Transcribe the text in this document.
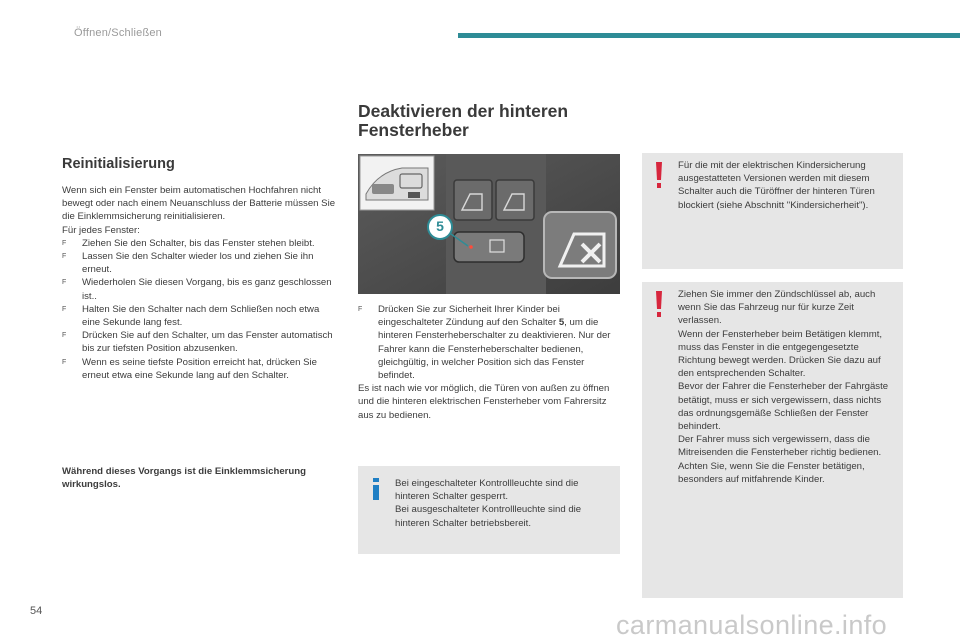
Öffnen/Schließen
Reinitialisierung

Wenn sich ein Fenster beim automatischen Hochfahren nicht bewegt oder nach einem Neuanschluss der Batterie müssen Sie die Einklemmsicherung reinitialisieren.

Für jedes Fenster:

F Ziehen Sie den Schalter, bis das Fenster stehen bleibt.
F Lassen Sie den Schalter wieder los und ziehen Sie ihn erneut.
F Wiederholen Sie diesen Vorgang, bis es ganz geschlossen ist..
F Halten Sie den Schalter nach dem Schließen noch etwa eine Sekunde lang fest.
F Drücken Sie auf den Schalter, um das Fenster automatisch bis zur tiefsten Position abzusenken.
F Wenn es seine tiefste Position erreicht hat, drücken Sie erneut etwa eine Sekunde lang auf den Schalter.
Während dieses Vorgangs ist die Einklemmsicherung wirkungslos.
Deaktivieren der hinteren
Fensterheber
5
F Drücken Sie zur Sicherheit Ihrer Kinder bei eingeschalteter Zündung auf den Schalter 5, um die hinteren Fensterheberschalter zu deaktivieren. Nur der Fahrer kann die Fensterheberschalter bedienen, gleichgültig, in welcher Position sich das Fenster befindet.

Es ist nach wie vor möglich, die Türen von außen zu öffnen und die hinteren elektrischen Fensterheber vom Fahrersitz aus zu bedienen.

Bei eingeschalteter Kontrollleuchte sind die hinteren Schalter gesperrt.

Bei ausgeschalteter Kontrollleuchte sind die hinteren Schalter betriebsbereit.

Für die mit der elektrischen Kindersicherung ausgestatteten Versionen werden mit diesem Schalter auch die Türöffner der hinteren Türen blockiert (siehe Abschnitt "Kindersicherheit").

Ziehen Sie immer den Zündschlüssel ab, auch wenn Sie das Fahrzeug nur für kurze Zeit verlassen.

Wenn der Fensterheber beim Betätigen klemmt, muss das Fenster in die entgegengesetzte Richtung bewegt werden. Drücken Sie dazu auf den entsprechenden Schalter.

Bevor der Fahrer die Fensterheber der Fahrgäste betätigt, muss er sich vergewissern, dass nichts das ordnungsgemäße Schließen der Fenster behindert.

Der Fahrer muss sich vergewissern, dass die Mitreisenden die Fensterheber richtig bedienen.

Achten Sie, wenn Sie die Fenster betätigen, besonders auf mitfahrende Kinder.

54	carmanualsonline.info
